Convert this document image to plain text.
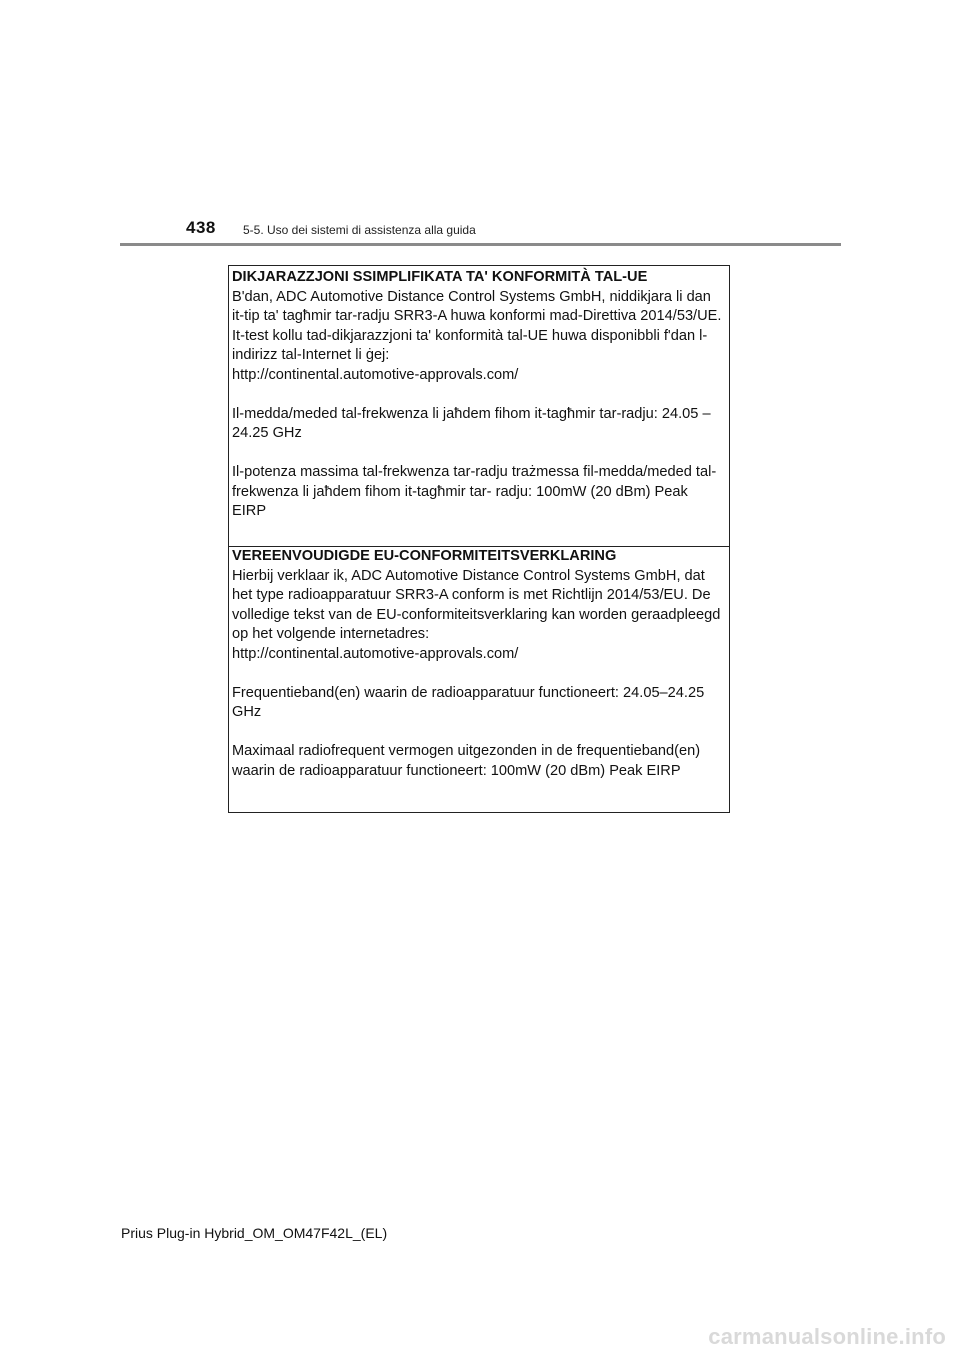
438 5-5. Uso dei sistemi di assistenza alla guida

DIKJARAZZJONI SSIMPLIFIKATA TA' KONFORMITÀ TAL-UE

B'dan, ADC Automotive Distance Control Systems GmbH, niddikjara li dan it-tip ta' tagħmir tar-radju SRR3-A huwa konformi mad-Direttiva 2014/53/UE. It-test kollu tad-dikjarazzjoni ta' konformità tal-UE huwa disponibbli f'dan l-indirizz tal-Internet li ġej:

http://continental.automotive-approvals.com/

Il-medda/meded tal-frekwenza li jaħdem fihom it-tagħmir tar-radju: 24.05 –24.25 GHz

Il-potenza massima tal-frekwenza tar-radju trażmessa fil-medda/meded tal-frekwenza li jaħdem fihom it-tagħmir tar- radju: 100mW (20 dBm) Peak EIRP

VEREENVOUDIGDE EU-CONFORMITEITSVERKLARING

Hierbij verklaar ik, ADC Automotive Distance Control Systems GmbH, dat het type radioapparatuur SRR3-A conform is met Richtlijn 2014/53/EU. De volledige tekst van de EU-conformiteitsverklaring kan worden geraadpleegd op het volgende internetadres:

http://continental.automotive-approvals.com/

Frequentieband(en) waarin de radioapparatuur functioneert: 24.05–24.25 GHz

Maximaal radiofrequent vermogen uitgezonden in de frequentieband(en) waarin de radioapparatuur functioneert: 100mW (20 dBm) Peak EIRP

Prius Plug-in Hybrid_OM_OM47F42L_(EL)
carmanualsonline.info
